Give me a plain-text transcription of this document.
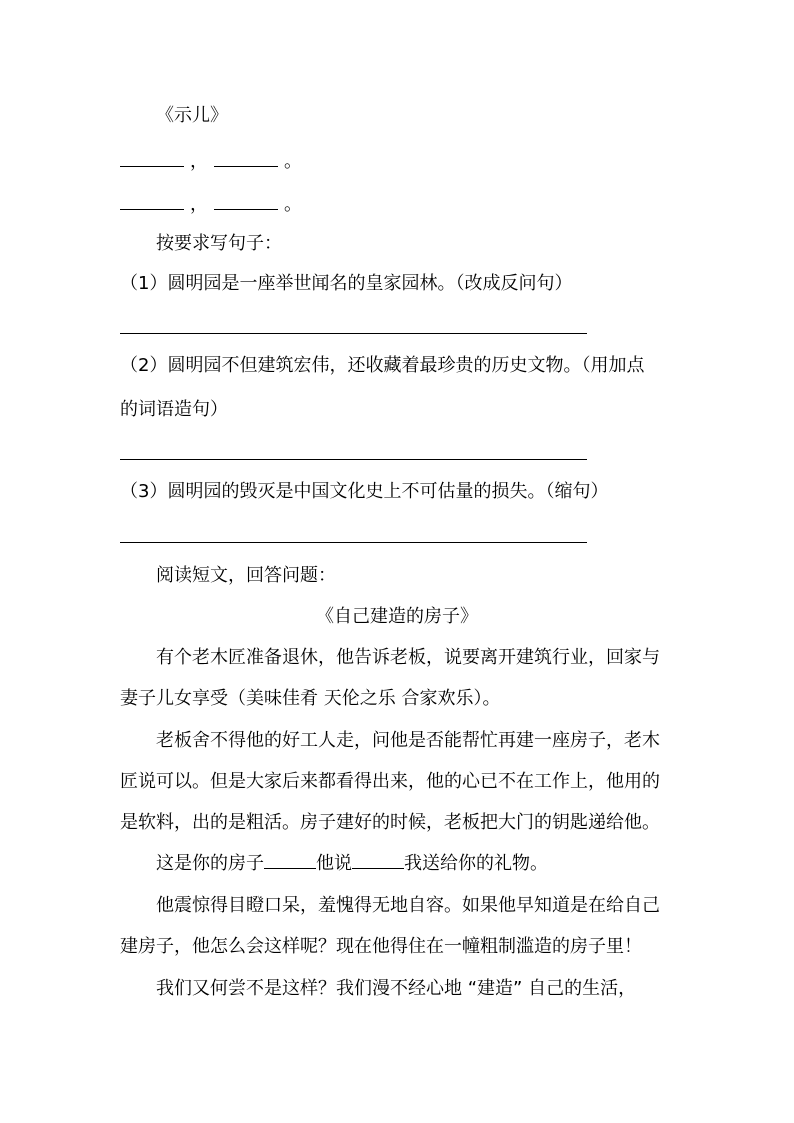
《示儿》
，	。
，	。
按要求写句子：
（1）圆明园是一座举世闻名的皇家园林。（改成反问句）
（2）圆明园不但建筑宏伟，还收藏着最珍贵的历史文物。（用加点
的词语造句）
（3）圆明园的毁灭是中国文化史上不可估量的损失。（缩句）
阅读短文，回答问题：
《自己建造的房子》
有个老木匠准备退休，他告诉老板，说要离开建筑行业，回家与
妻子儿女享受（美味佳肴 天伦之乐 合家欢乐）。
老板舍不得他的好工人走，问他是否能帮忙再建一座房子，老木
匠说可以。但是大家后来都看得出来，他的心已不在工作上，他用的
是软料，出的是粗活。房子建好的时候，老板把大门的钥匙递给他。
这是你的房子	他说	我送给你的礼物。
他震惊得目瞪口呆，羞愧得无地自容。如果他早知道是在给自己
建房子，他怎么会这样呢？现在他得住在一幢粗制滥造的房子里！
我们又何尝不是这样？我们漫不经心地 “建造” 自己的生活，
